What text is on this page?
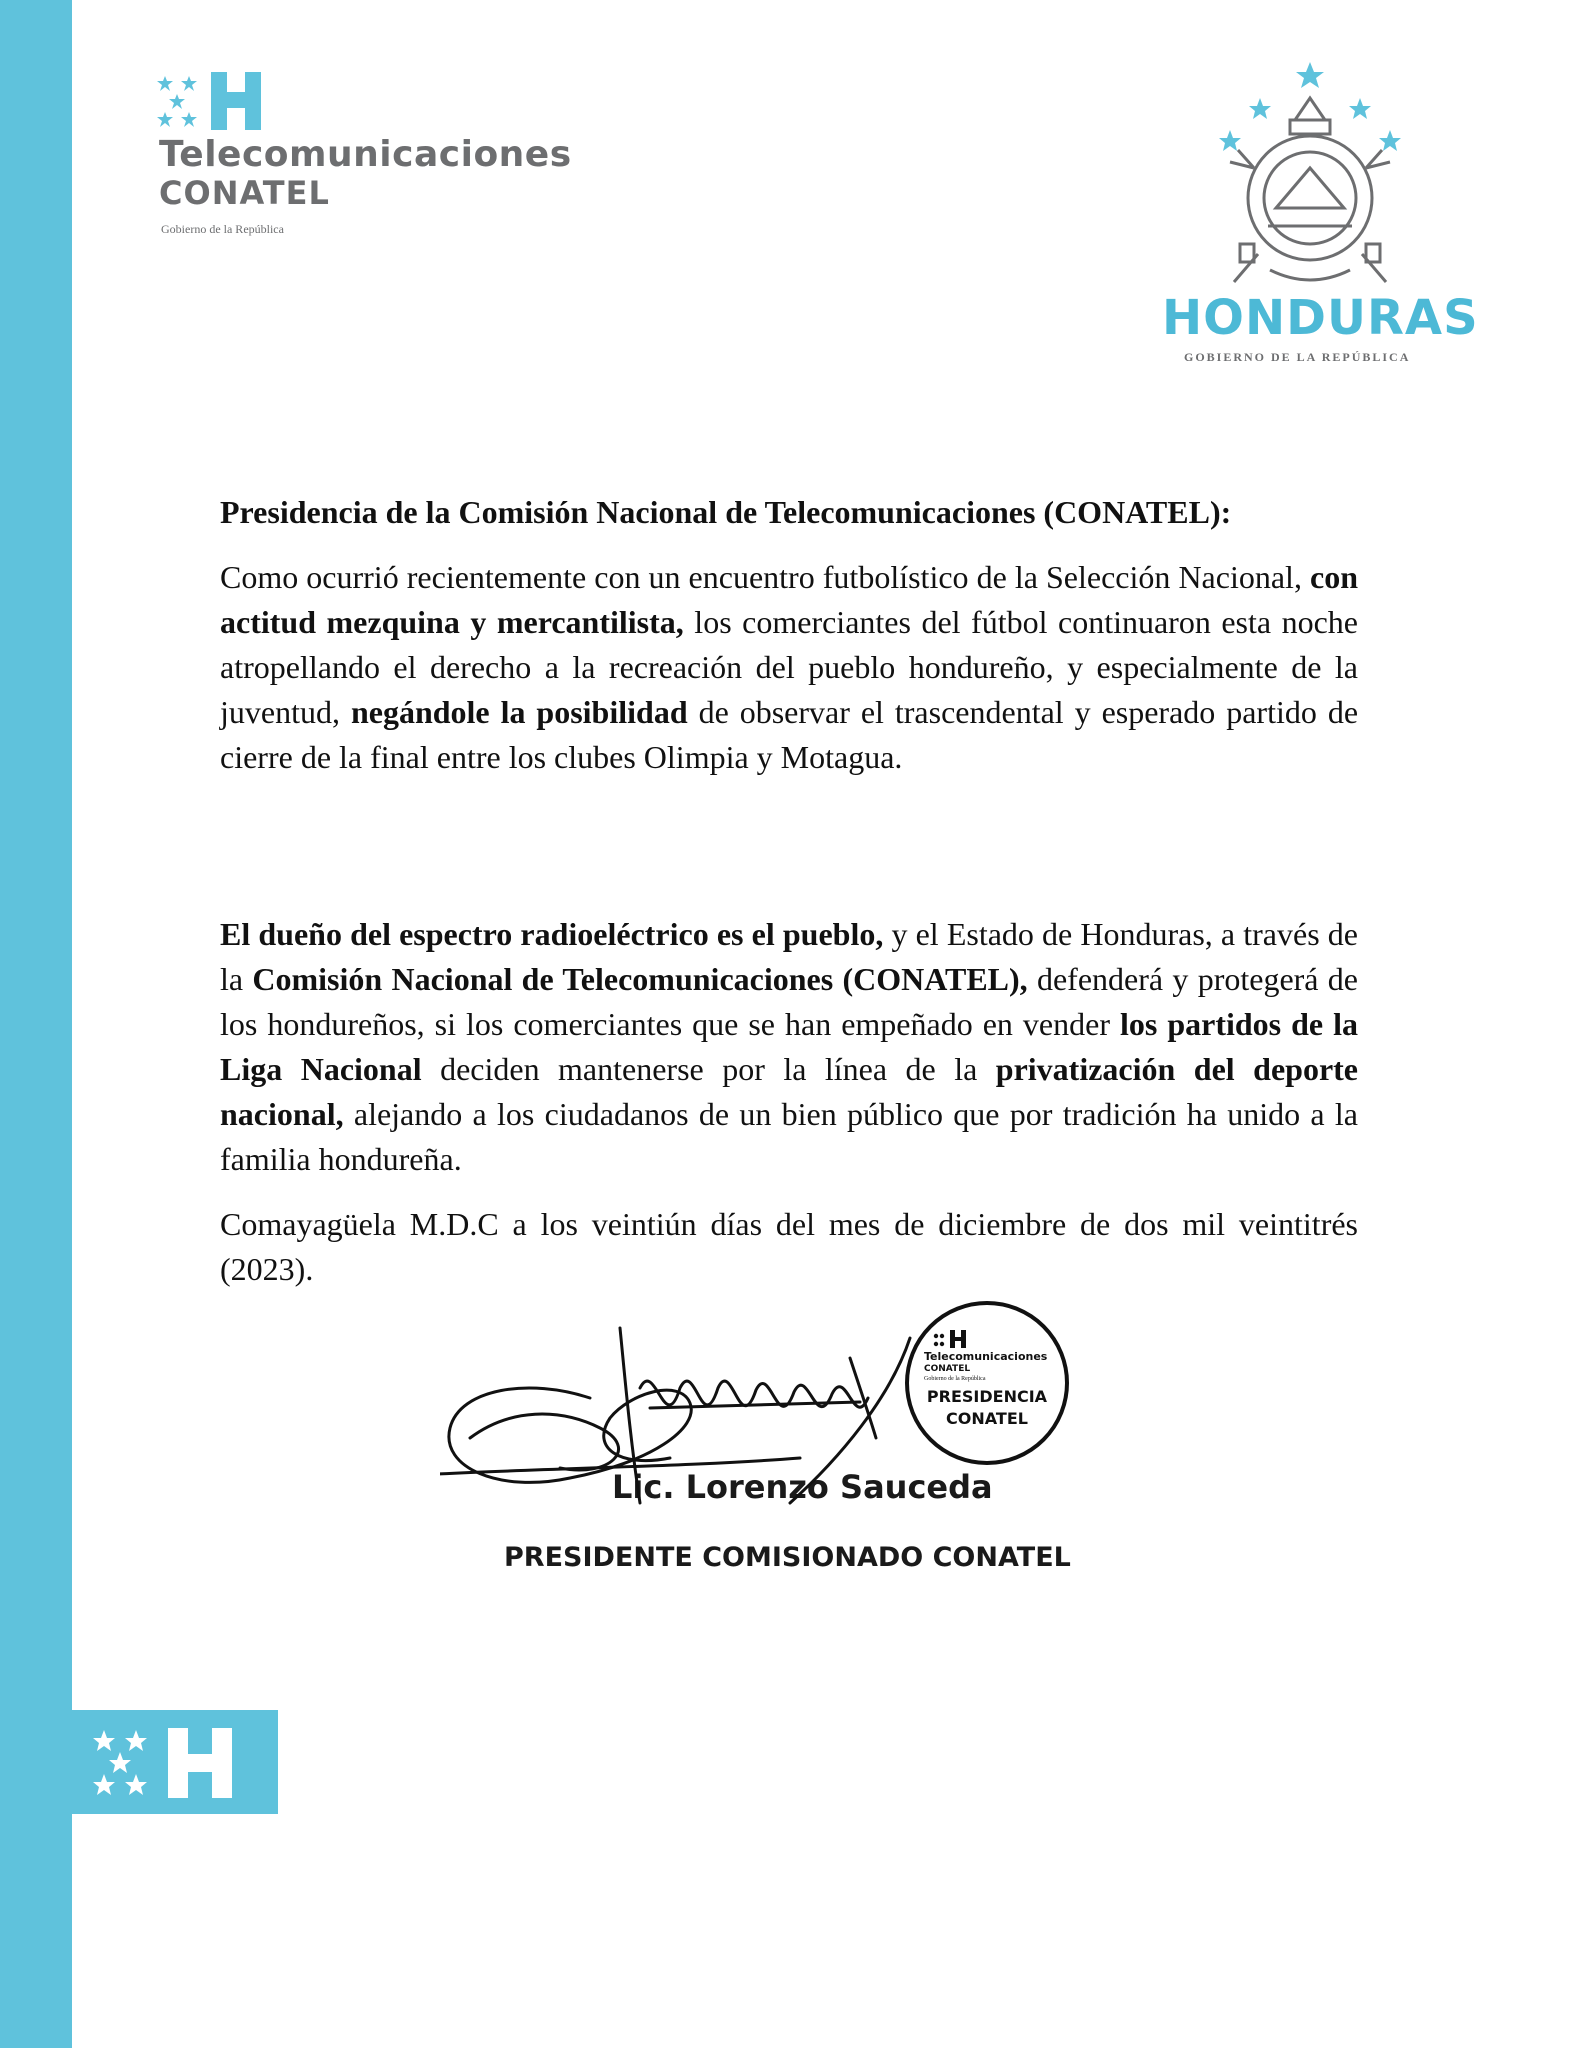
Telecomunicaciones
CONATEL
Gobierno de la República
HONDURAS
GOBIERNO DE LA REPÚBLICA
Presidencia de la Comisión Nacional de Telecomunicaciones (CONATEL):
Como ocurrió recientemente con un encuentro futbolístico de la Selección Nacional, con actitud mezquina y mercantilista, los comerciantes del fútbol continuaron esta noche atropellando el derecho a la recreación del pueblo hondureño, y especialmente de la juventud, negándole la posibilidad de observar el trascendental y esperado partido de cierre de la final entre los clubes Olimpia y Motagua.
El dueño del espectro radioeléctrico es el pueblo, y el Estado de Honduras, a través de la Comisión Nacional de Telecomunicaciones (CONATEL), defenderá y protegerá de los hondureños, si los comerciantes que se han empeñado en vender los partidos de la Liga Nacional deciden mantenerse por la línea de la privatización del deporte nacional, alejando a los ciudadanos de un bien público que por tradición ha unido a la familia hondureña.
Comayagüela M.D.C a los veintiún días del mes de diciembre de dos mil veintitrés (2023).
Telecomunicaciones
CONATEL
Gobierno de la República
PRESIDENCIA
CONATEL
Lic. Lorenzo Sauceda
PRESIDENTE COMISIONADO CONATEL
